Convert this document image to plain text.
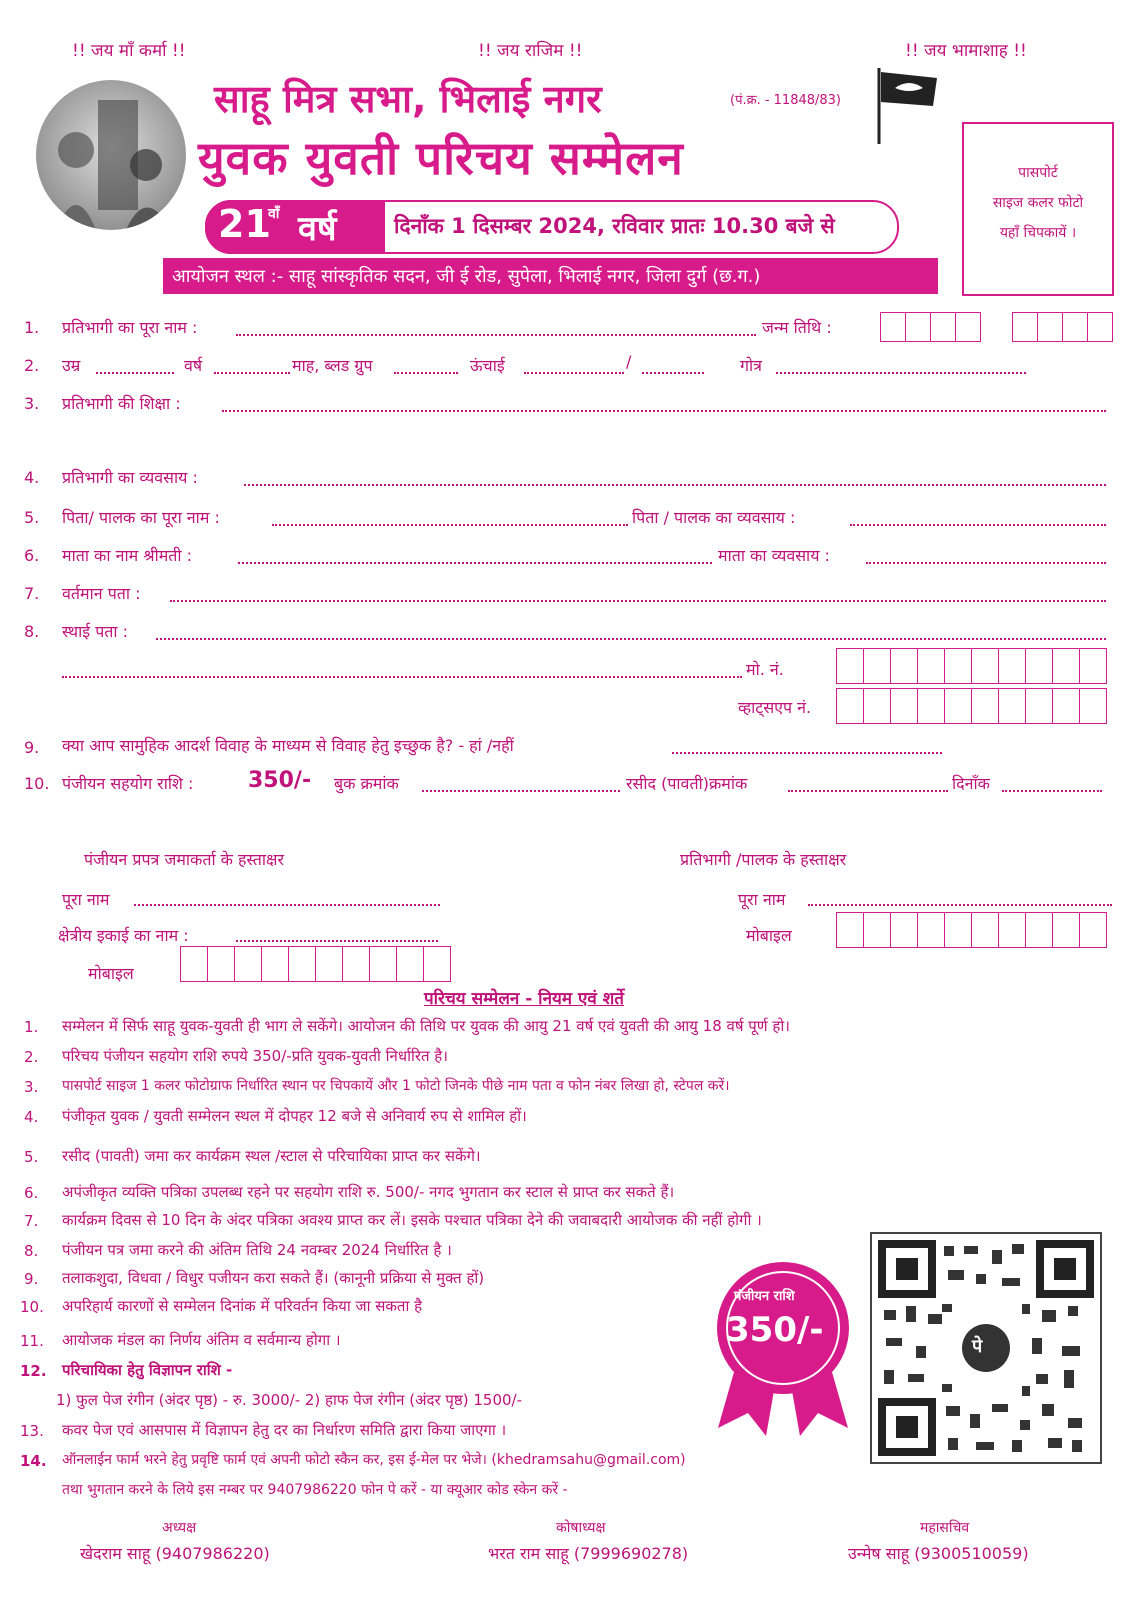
!! जय माँ कर्मा !!	!! जय राजिम !!	!! जय भामाशाह !!
साहू मित्र सभा, भिलाई नगर	(पं.क्र. - 11848/83)
युवक युवती परिचय सम्मेलन
21
वाँ वर्ष	दिनाँक 1 दिसम्बर 2024, रविवार प्रातः 10.30 बजे से
आयोजन स्थल :- साहू सांस्कृतिक सदन, जी ई रोड, सुपेला, भिलाई नगर, जिला दुर्ग (छ.ग.)
पासपोर्ट
साइज कलर फोटो
यहाँ चिपकायें ।
1. प्रतिभागी का पूरा नाम :	जन्म तिथि :
2. उम्र	वर्ष	माह, ब्लड ग्रुप	ऊंचाई	/	गोत्र
3. प्रतिभागी की शिक्षा :
4. प्रतिभागी का व्यवसाय :
5. पिता/ पालक का पूरा नाम :	पिता / पालक का व्यवसाय :
6. माता का नाम श्रीमती :	माता का व्यवसाय :
7. वर्तमान पता :
8. स्थाई पता :
मो. नं.
व्हाट्सएप नं.
9. क्या आप सामुहिक आदर्श विवाह के माध्यम से विवाह हेतु इच्छुक है? - हां /नहीं
10. पंजीयन सहयोग राशि : 350/- बुक क्रमांक	रसीद (पावती)क्रमांक	दिनाँक
पंजीयन प्रपत्र जमाकर्ता के हस्ताक्षर	प्रतिभागी /पालक के हस्ताक्षर
पूरा नाम	पूरा नाम
क्षेत्रीय इकाई का नाम :	मोबाइल
मोबाइल
परिचय सम्मेलन - नियम एवं शर्ते
1. सम्मेलन में सिर्फ साहू युवक-युवती ही भाग ले सकेंगे। आयोजन की तिथि पर युवक की आयु 21 वर्ष एवं युवती की आयु 18 वर्ष पूर्ण हो।
2. परिचय पंजीयन सहयोग राशि रुपये 350/-प्रति युवक-युवती निर्धारित है।
3. पासपोर्ट साइज 1 कलर फोटोग्राफ निर्धारित स्थान पर चिपकायें और 1 फोटो जिनके पीछे नाम पता व फोन नंबर लिखा हो, स्टेपल करें।
4. पंजीकृत युवक / युवती सम्मेलन स्थल में दोपहर 12 बजे से अनिवार्य रुप से शामिल हों।
5. रसीद (पावती) जमा कर कार्यक्रम स्थल /स्टाल से परिचायिका प्राप्त कर सकेंगे।
6. अपंजीकृत व्यक्ति पत्रिका उपलब्ध रहने पर सहयोग राशि रु. 500/- नगद भुगतान कर स्टाल से प्राप्त कर सकते हैं।
7. कार्यक्रम दिवस से 10 दिन के अंदर पत्रिका अवश्य प्राप्त कर लें। इसके पश्चात पत्रिका देने की जवाबदारी आयोजक की नहीं होगी ।
8. पंजीयन पत्र जमा करने की अंतिम तिथि 24 नवम्बर 2024 निर्धारित है ।
9. तलाकशुदा, विधवा / विधुर पजीयन करा सकते हैं। (कानूनी प्रक्रिया से मुक्त हों)
10. अपरिहार्य कारणों से सम्मेलन दिनांक में परिवर्तन किया जा सकता है
11. आयोजक मंडल का निर्णय अंतिम व सर्वमान्य होगा ।
12. परिचायिका हेतु विज्ञापन राशि -
1) फुल पेज रंगीन (अंदर पृष्ठ) - रु. 3000/- 2) हाफ पेज रंगीन (अंदर पृष्ठ) 1500/-
13. कवर पेज एवं आसपास में विज्ञापन हेतु दर का निर्धारण समिति द्वारा किया जाएगा ।
14. ऑनलाईन फार्म भरने हेतु प्रवृष्टि फार्म एवं अपनी फोटो स्कैन कर, इस ई-मेल पर भेजे। (khedramsahu@gmail.com)
तथा भुगतान करने के लिये इस नम्बर पर 9407986220 फोन पे करें - या क्यूआर कोड स्केन करें -
पंजीयन राशि
350/-	पे
अध्यक्ष
खेदराम साहू (9407986220)
कोषाध्यक्ष
भरत राम साहू (7999690278)
महासचिव
उन्मेष साहू (9300510059)
